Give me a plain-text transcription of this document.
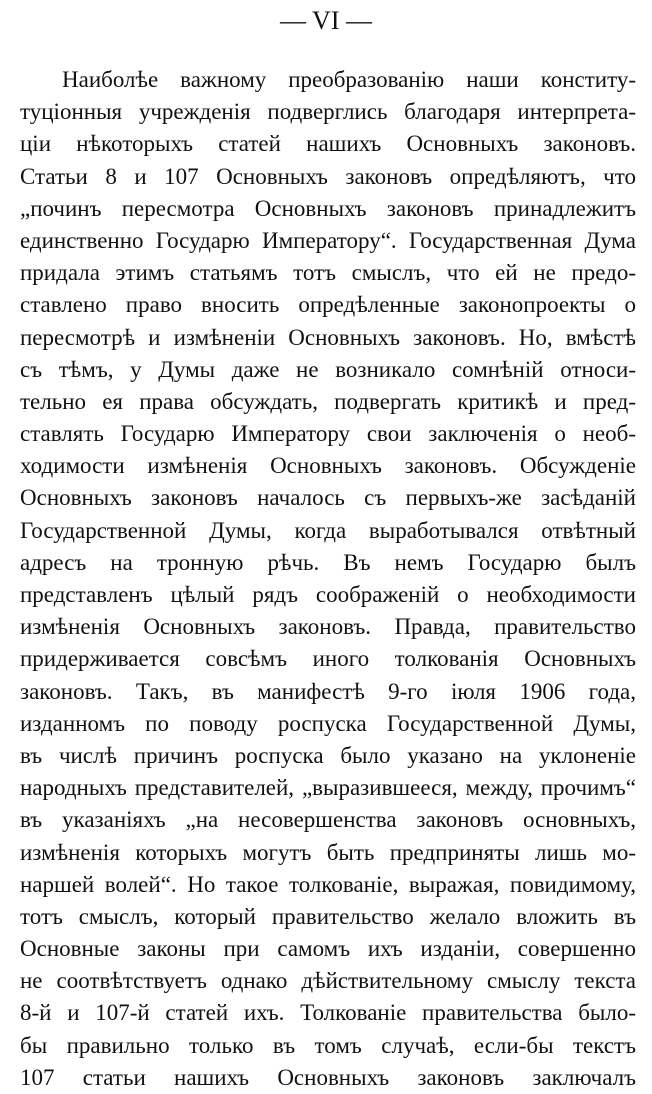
— VI —
Наиболѣе важному преобразованію наши конститу-
туціонныя учрежденія подверглись благодаря интерпрета-
ціи нѣкоторыхъ статей нашихъ Основныхъ законовъ.
Статьи 8 и 107 Основныхъ законовъ опредѣляютъ, что
„починъ пересмотра Основныхъ законовъ принадлежитъ
единственно Государю Императору“. Государственная Дума
придала этимъ статьямъ тотъ смыслъ, что ей не предо-
ставлено право вносить опредѣленные законопроекты о
пересмотрѣ и измѣненіи Основныхъ законовъ. Но, вмѣстѣ
съ тѣмъ, у Думы даже не возникало сомнѣній относи-
тельно ея права обсуждать, подвергать критикѣ и пред-
ставлять Государю Императору свои заключенія о необ-
ходимости измѣненія Основныхъ законовъ. Обсужденіе
Основныхъ законовъ началось съ первыхъ-же засѣданій
Государственной Думы, когда выработывался отвѣтный
адресъ на тронную рѣчь. Въ немъ Государю былъ
представленъ цѣлый рядъ соображеній о необходимости
измѣненія Основныхъ законовъ. Правда, правительство
придерживается совсѣмъ иного толкованія Основныхъ
законовъ. Такъ, въ манифестѣ 9-го іюля 1906 года,
изданномъ по поводу роспуска Государственной Думы,
въ числѣ причинъ роспуска было указано на уклоненіе
народныхъ представителей, „выразившееся, между, прочимъ“
въ указаніяхъ „на несовершенства законовъ основныхъ,
измѣненія которыхъ могутъ быть предприняты лишь мо-
наршей волей“. Но такое толкованіе, выражая, повидимому,
тотъ смыслъ, который правительство желало вложить въ
Основные законы при самомъ ихъ изданіи, совершенно
не соотвѣтствуетъ однако дѣйствительному смыслу текста
8-й и 107-й статей ихъ. Толкованіе правительства было-
бы правильно только въ томъ случаѣ, если-бы текстъ
107 статьи нашихъ Основныхъ законовъ заключалъ
